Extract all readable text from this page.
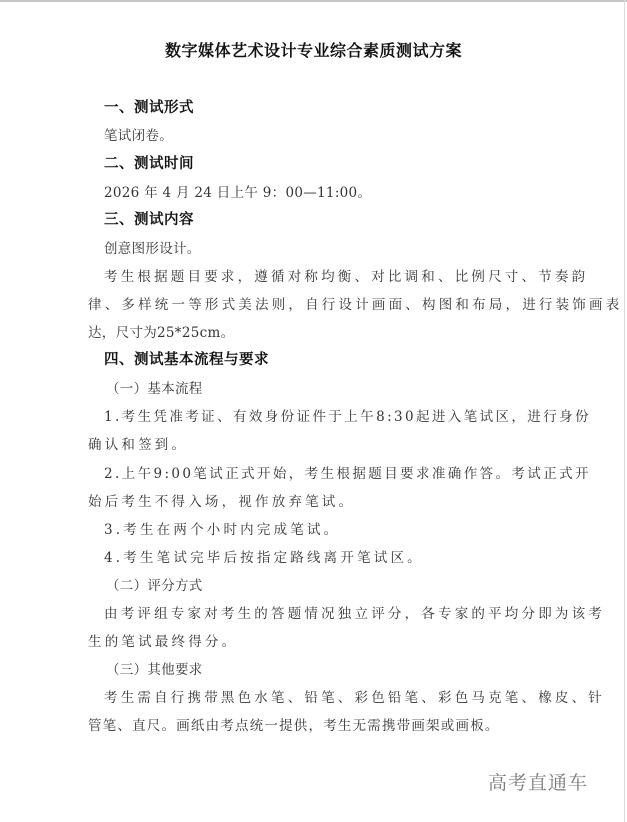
数字媒体艺术设计专业综合素质测试方案
一、测试形式
笔试闭卷。
二、测试时间
2026 年 4 月 24 日上午 9：00—11:00。
三、测试内容
创意图形设计。
考生根据题目要求，遵循对称均衡、对比调和、比例尺寸、节奏韵
律、多样统一等形式美法则，自行设计画面、构图和布局，进行装饰画表
达，尺寸为25*25cm。
四、测试基本流程与要求
（一）基本流程
1.考生凭准考证、有效身份证件于上午8:30起进入笔试区，进行身份
确认和签到。
2.上午9:00笔试正式开始，考生根据题目要求准确作答。考试正式开
始后考生不得入场，视作放弃笔试。
3.考生在两个小时内完成笔试。
4.考生笔试完毕后按指定路线离开笔试区。
（二）评分方式
由考评组专家对考生的答题情况独立评分，各专家的平均分即为该考
生的笔试最终得分。
（三）其他要求
考生需自行携带黑色水笔、铅笔、彩色铅笔、彩色马克笔、橡皮、针
管笔、直尺。画纸由考点统一提供，考生无需携带画架或画板。
高考直通车
